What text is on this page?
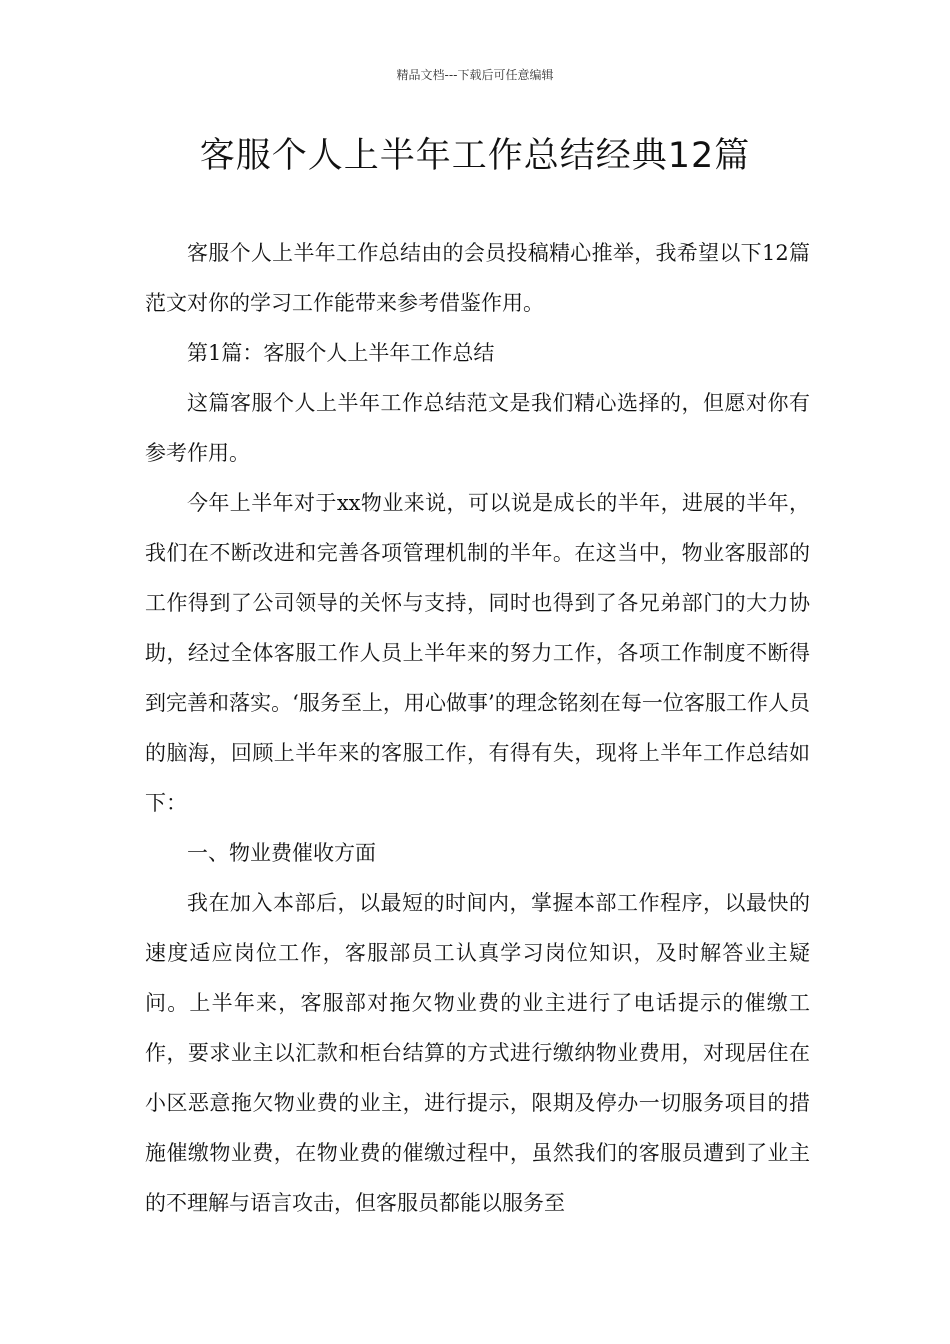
精品文档---下载后可任意编辑
客服个人上半年工作总结经典12篇

客服个人上半年工作总结由的会员投稿精心推举，我希望以下12篇范文对你的学习工作能带来参考借鉴作用。

第1篇：客服个人上半年工作总结

这篇客服个人上半年工作总结范文是我们精心选择的，但愿对你有参考作用。

今年上半年对于xx物业来说，可以说是成长的半年，进展的半年，我们在不断改进和完善各项管理机制的半年。在这当中，物业客服部的工作得到了公司领导的关怀与支持，同时也得到了各兄弟部门的大力协助，经过全体客服工作人员上半年来的努力工作，各项工作制度不断得到完善和落实。‘服务至上，用心做事’的理念铭刻在每一位客服工作人员的脑海，回顾上半年来的客服工作，有得有失，现将上半年工作总结如下：

一、物业费催收方面

我在加入本部后，以最短的时间内，掌握本部工作程序，以最快的速度适应岗位工作，客服部员工认真学习岗位知识，及时解答业主疑问。上半年来，客服部对拖欠物业费的业主进行了电话提示的催缴工作，要求业主以汇款和柜台结算的方式进行缴纳物业费用，对现居住在小区恶意拖欠物业费的业主，进行提示，限期及停办一切服务项目的措施催缴物业费，在物业费的催缴过程中，虽然我们的客服员遭到了业主的不理解与语言攻击，但客服员都能以服务至
